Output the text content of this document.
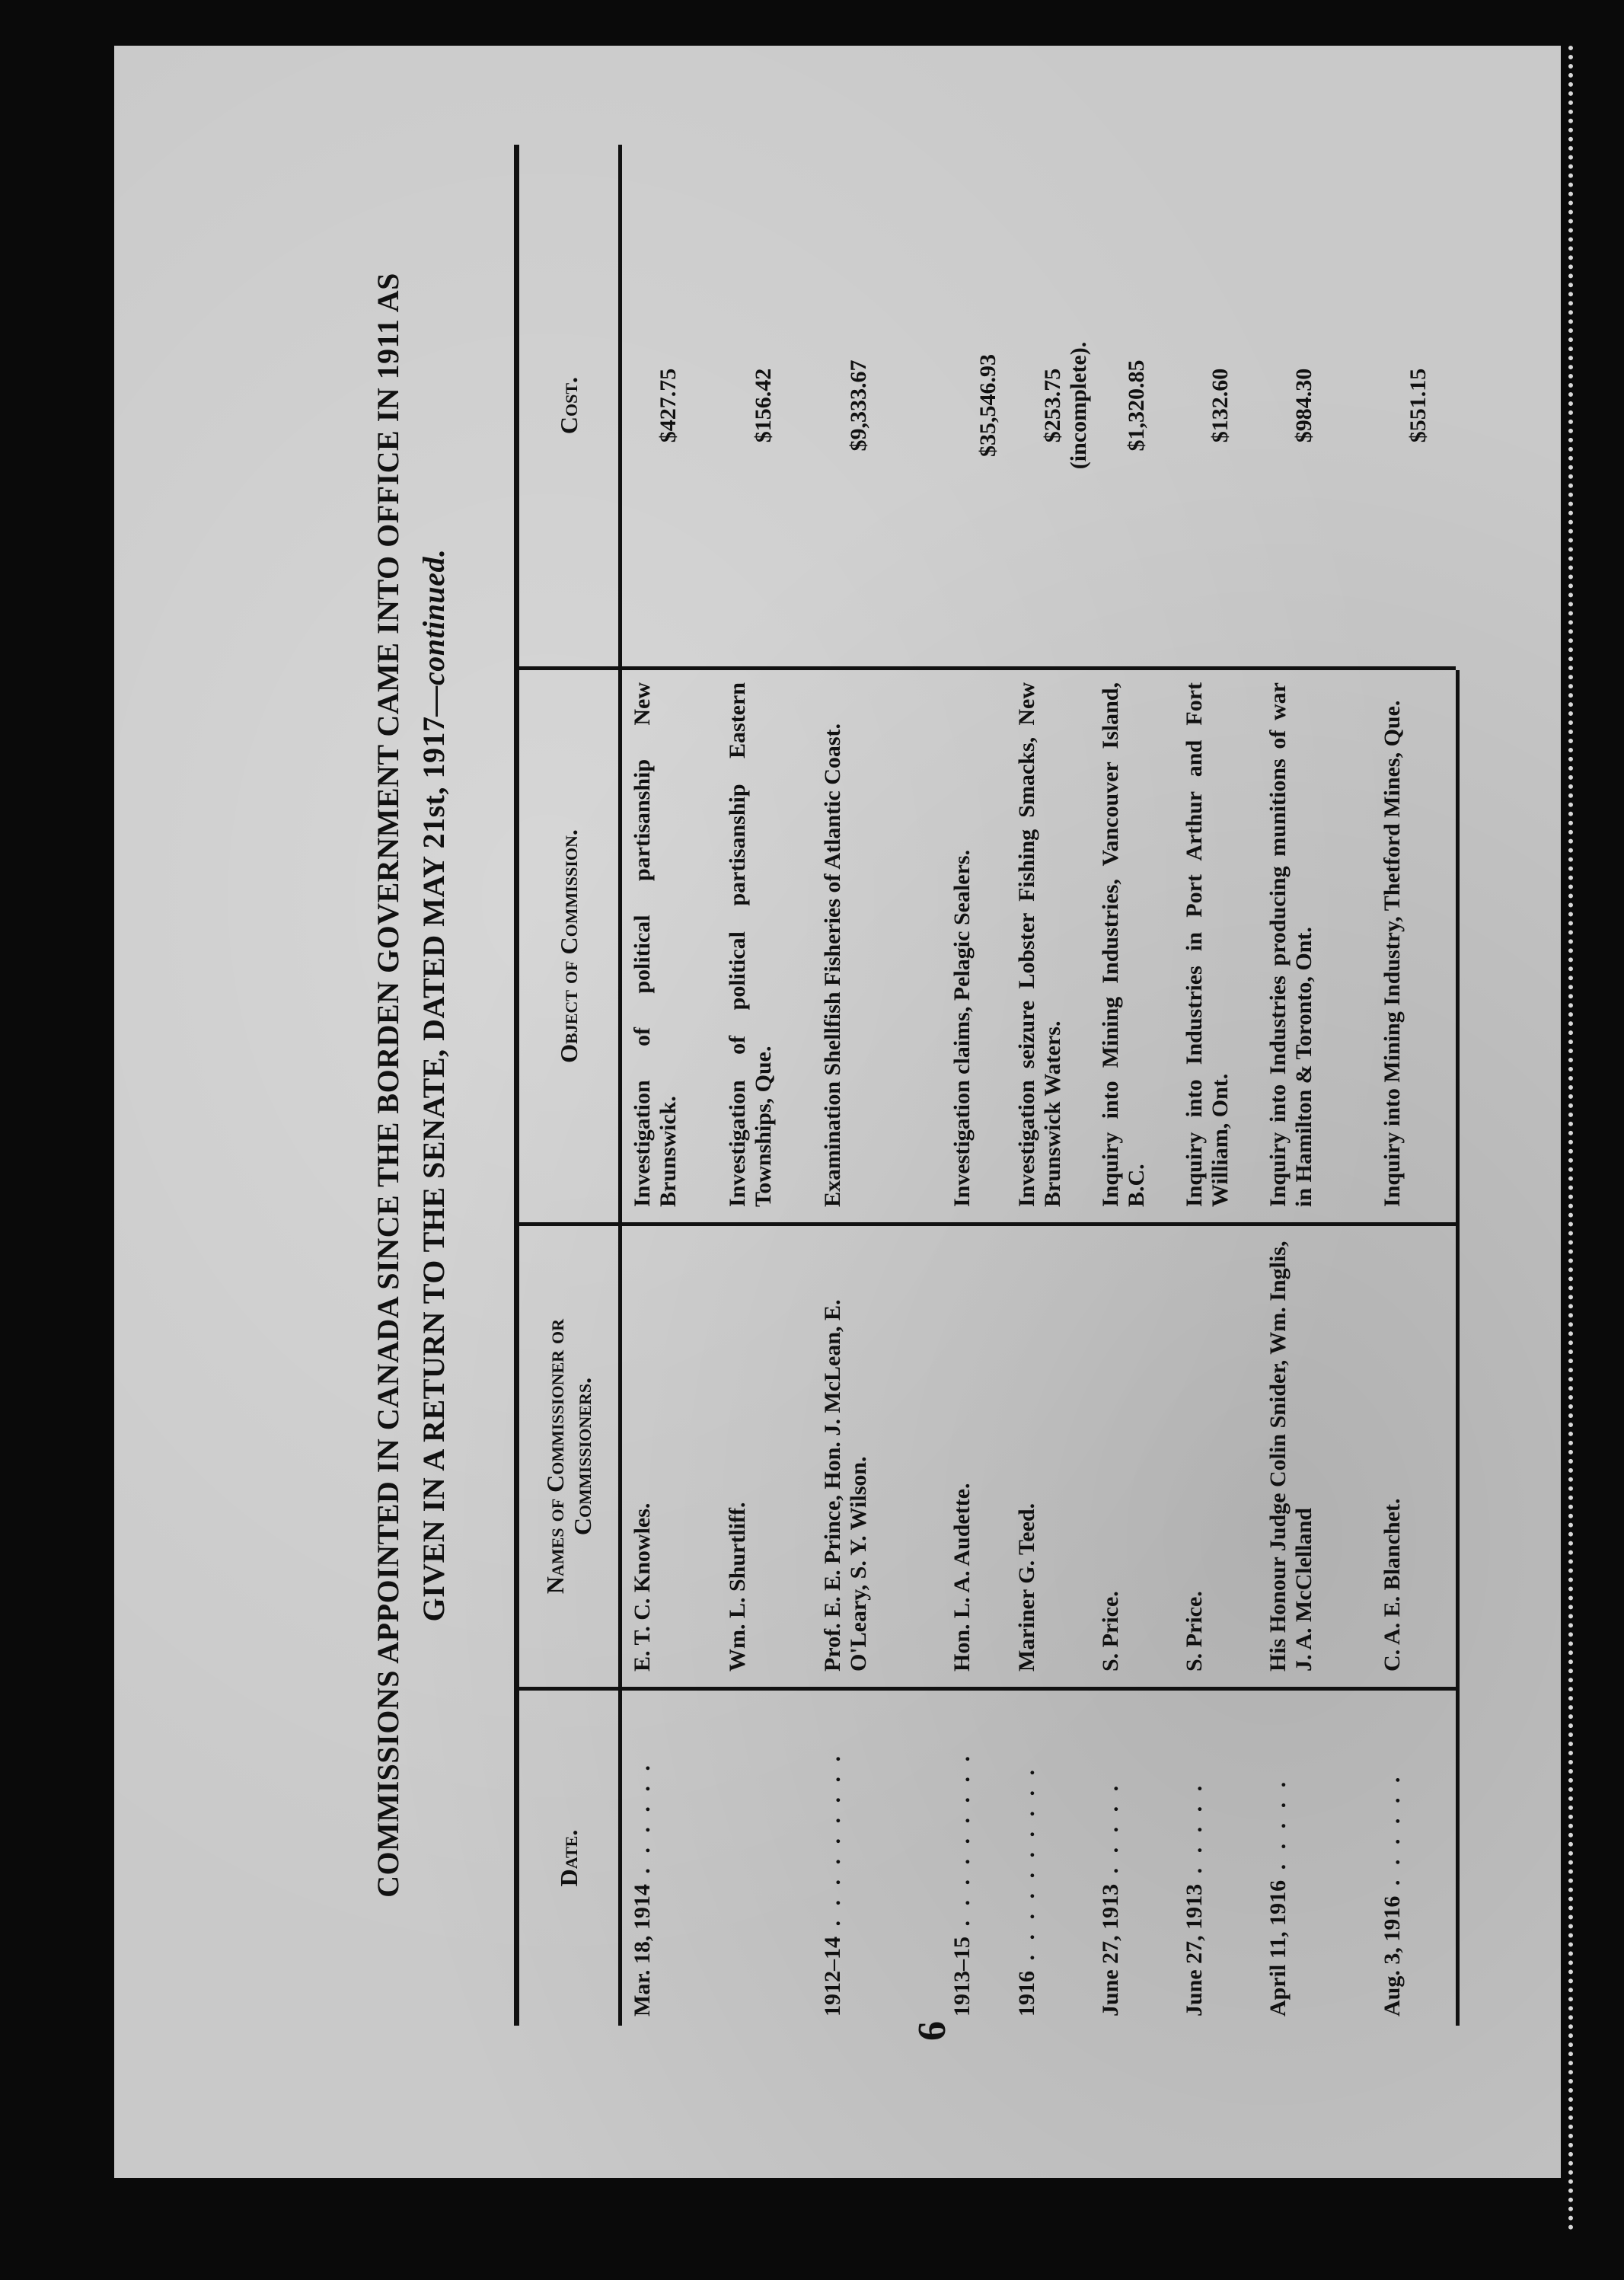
6
COMMISSIONS APPOINTED IN CANADA SINCE THE BORDEN GOVERNMENT CAME INTO OFFICE IN 1911 AS GIVEN IN A RETURN TO THE SENATE, DATED MAY 21st, 1917—continued.
Date.
Names of Commissioner or Commissioners.
Object of Commission.
Cost.
Mar. 18, 1914 . . . . . .
E. T. C. Knowles.
Investigation of political partisanship New Brunswick.
$427.75
Wm. L. Shurtliff.
Investigation of political partisanship Eastern Townships, Que.
$156.42
1912–14 . . . . . . . . .
Prof. E. E. Prince, Hon. J. McLean, E. O'Leary, S. Y. Wilson.
Examination Shellfish Fisheries of Atlantic Coast.
$9,333.67
1913–15 . . . . . . . . .
Hon. L. A. Audette.
Investigation claims, Pelagic Sealers.
$35,546.93
1916 . . . . . . . . . .
Mariner G. Teed.
Investigation seizure Lobster Fishing Smacks, New Brunswick Waters.
$253.75 (incomplete).
June 27, 1913 . . . . .
S. Price.
Inquiry into Mining Industries, Vancouver Island, B.C.
$1,320.85
June 27, 1913 . . . . .
S. Price.
Inquiry into Industries in Port Arthur and Fort William, Ont.
$132.60
April 11, 1916 . . . . .
His Honour Judge Colin Snider, Wm. Inglis, J. A. McClelland
Inquiry into Industries producing munitions of war in Hamilton & Toronto, Ont.
$984.30
Aug. 3, 1916 . . . . . .
C. A. E. Blanchet.
Inquiry into Mining Industry, Thetford Mines, Que.
$551.15
